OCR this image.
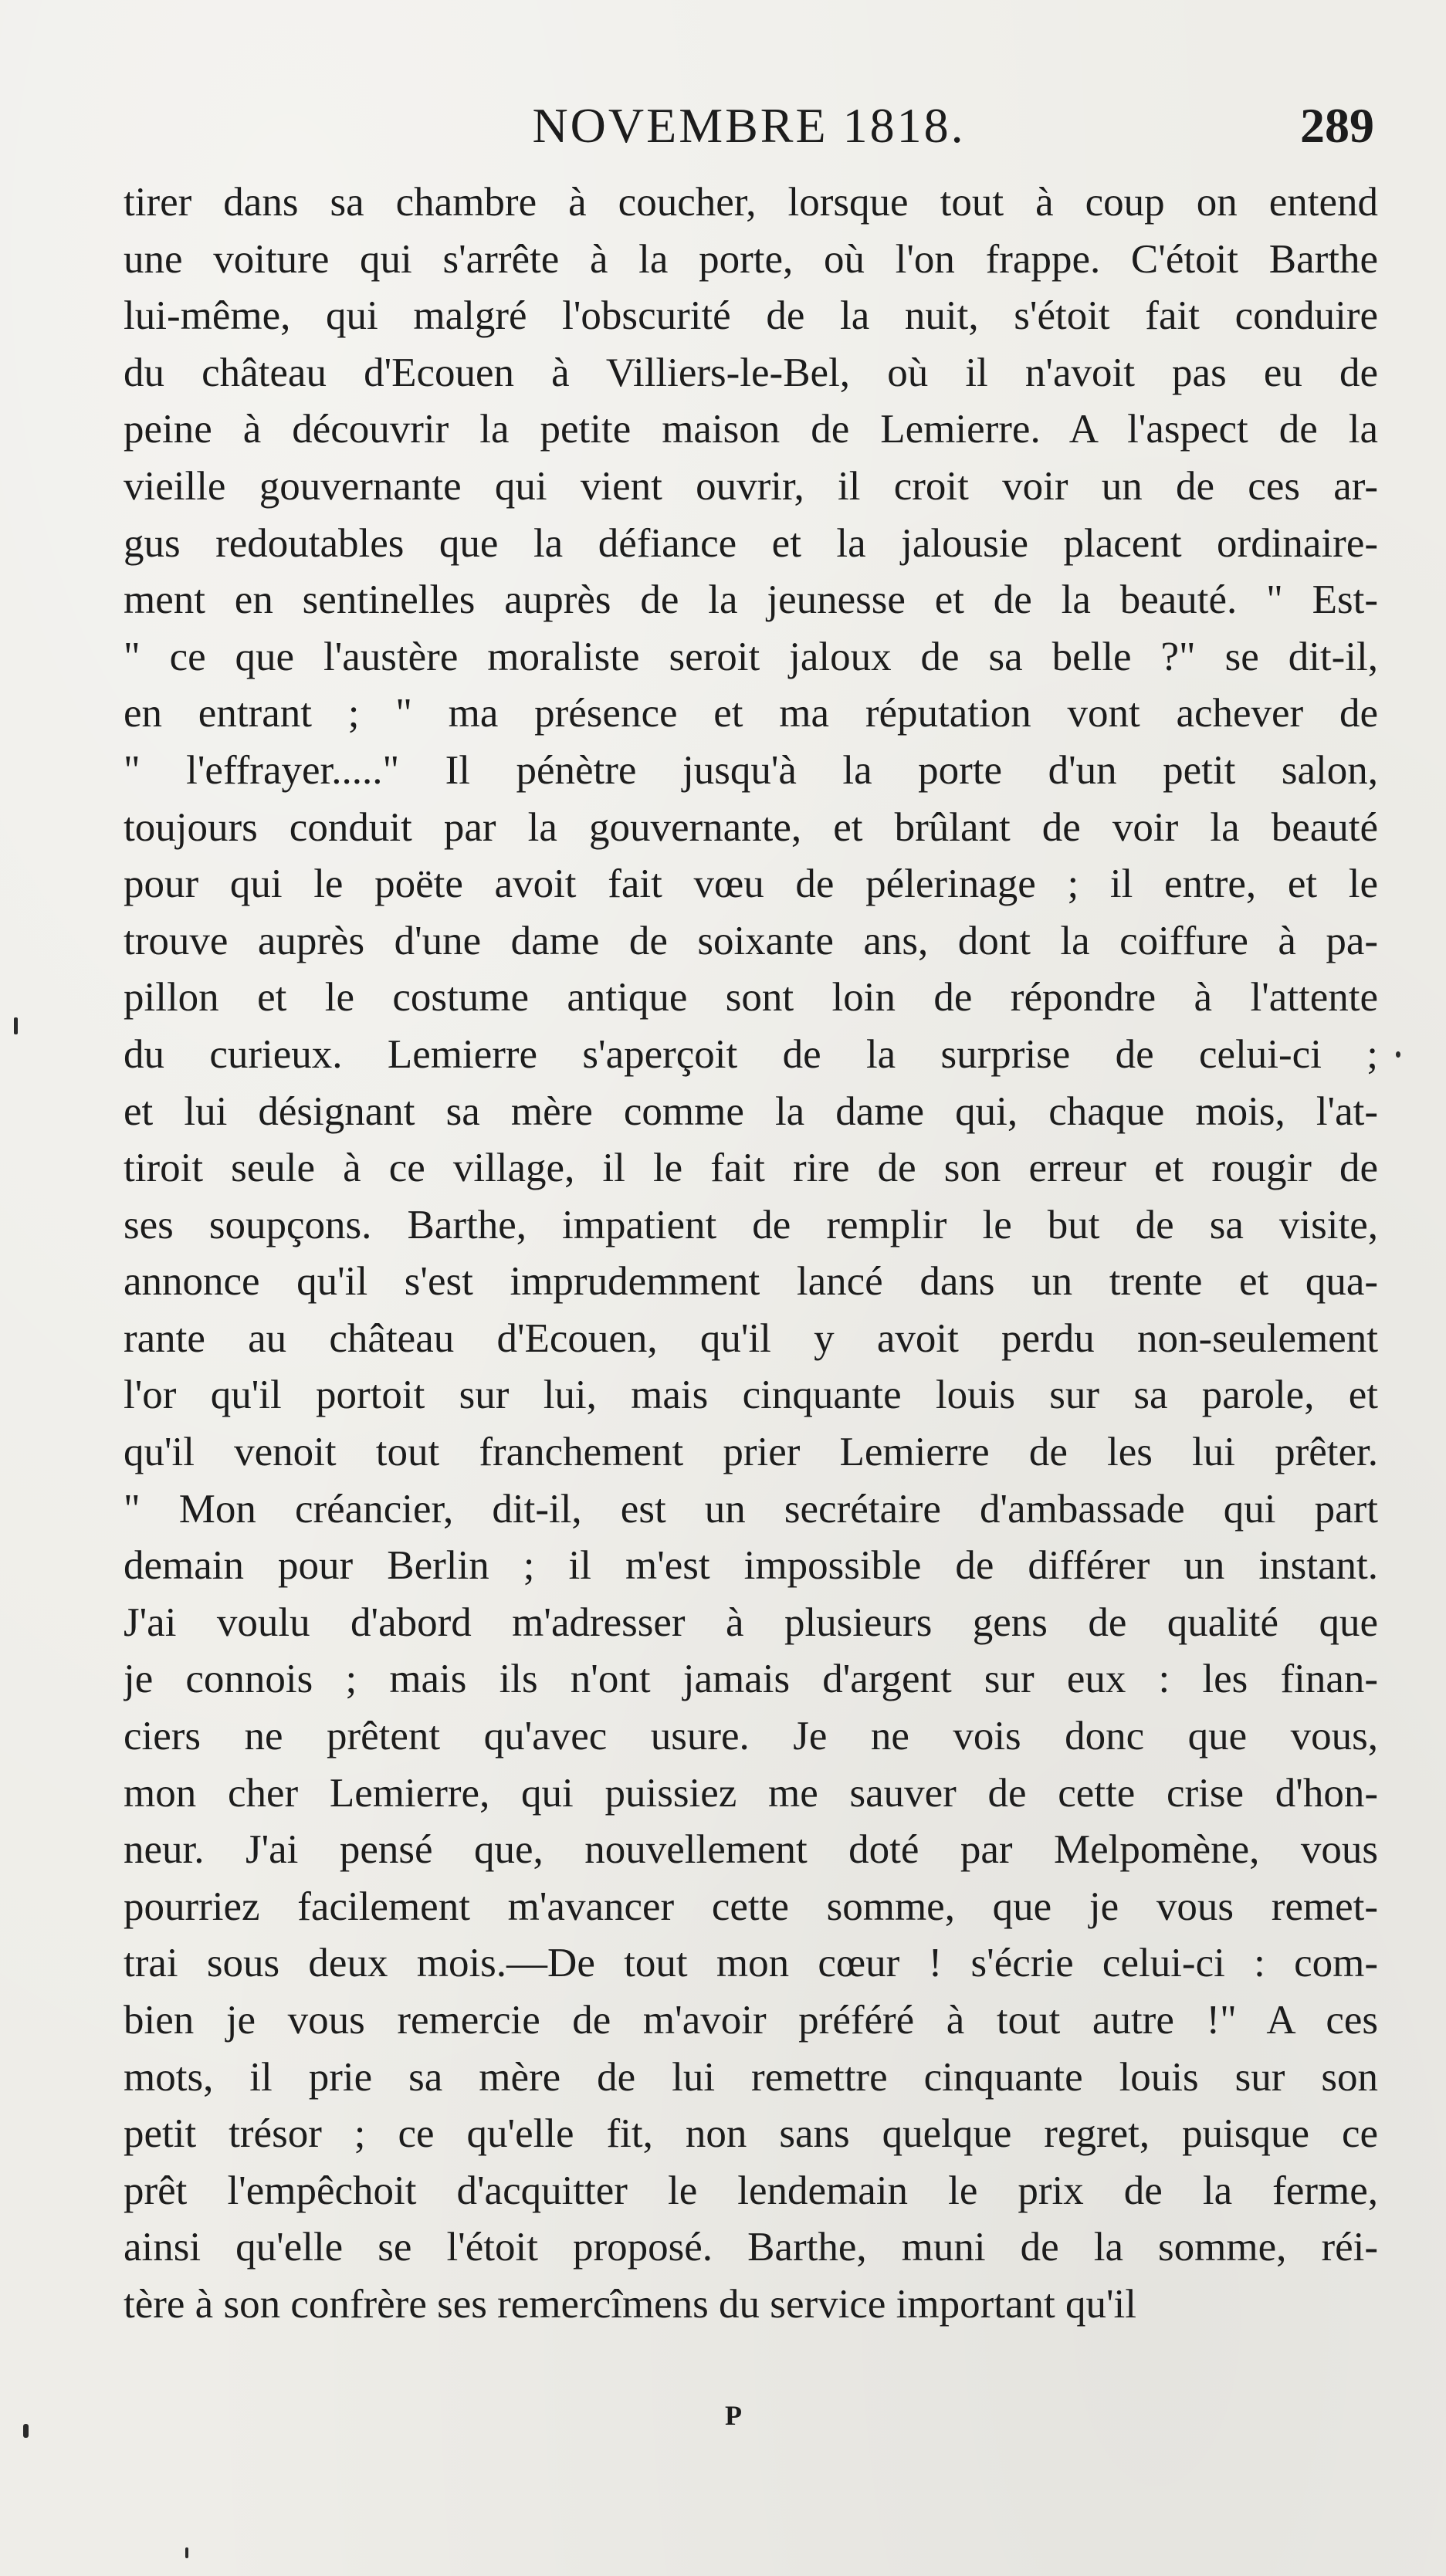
NOVEMBRE 1818.	289
tirer dans sa chambre à coucher, lorsque tout à coup on entend
une voiture qui s'arrête à la porte, où l'on frappe. C'étoit Barthe
lui-même, qui malgré l'obscurité de la nuit, s'étoit fait conduire
du château d'Ecouen à Villiers-le-Bel, où il n'avoit pas eu de
peine à découvrir la petite maison de Lemierre. A l'aspect de la
vieille gouvernante qui vient ouvrir, il croit voir un de ces ar-
gus redoutables que la défiance et la jalousie placent ordinaire-
ment en sentinelles auprès de la jeunesse et de la beauté. " Est-
" ce que l'austère moraliste seroit jaloux de sa belle ?" se dit-il,
en entrant ; " ma présence et ma réputation vont achever de
" l'effrayer....." Il pénètre jusqu'à la porte d'un petit salon,
toujours conduit par la gouvernante, et brûlant de voir la beauté
pour qui le poëte avoit fait vœu de pélerinage ; il entre, et le
trouve auprès d'une dame de soixante ans, dont la coiffure à pa-
pillon et le costume antique sont loin de répondre à l'attente
du curieux. Lemierre s'aperçoit de la surprise de celui-ci ;
et lui désignant sa mère comme la dame qui, chaque mois, l'at-
tiroit seule à ce village, il le fait rire de son erreur et rougir de
ses soupçons. Barthe, impatient de remplir le but de sa visite,
annonce qu'il s'est imprudemment lancé dans un trente et qua-
rante au château d'Ecouen, qu'il y avoit perdu non-seulement
l'or qu'il portoit sur lui, mais cinquante louis sur sa parole, et
qu'il venoit tout franchement prier Lemierre de les lui prêter.
" Mon créancier, dit-il, est un secrétaire d'ambassade qui part
demain pour Berlin ; il m'est impossible de différer un instant.
J'ai voulu d'abord m'adresser à plusieurs gens de qualité que
je connois ; mais ils n'ont jamais d'argent sur eux : les finan-
ciers ne prêtent qu'avec usure. Je ne vois donc que vous,
mon cher Lemierre, qui puissiez me sauver de cette crise d'hon-
neur. J'ai pensé que, nouvellement doté par Melpomène, vous
pourriez facilement m'avancer cette somme, que je vous remet-
trai sous deux mois.—De tout mon cœur ! s'écrie celui-ci : com-
bien je vous remercie de m'avoir préféré à tout autre !" A ces
mots, il prie sa mère de lui remettre cinquante louis sur son
petit trésor ; ce qu'elle fit, non sans quelque regret, puisque ce
prêt l'empêchoit d'acquitter le lendemain le prix de la ferme,
ainsi qu'elle se l'étoit proposé. Barthe, muni de la somme, réi-
tère à son confrère ses remercîmens du service important qu'il
P
